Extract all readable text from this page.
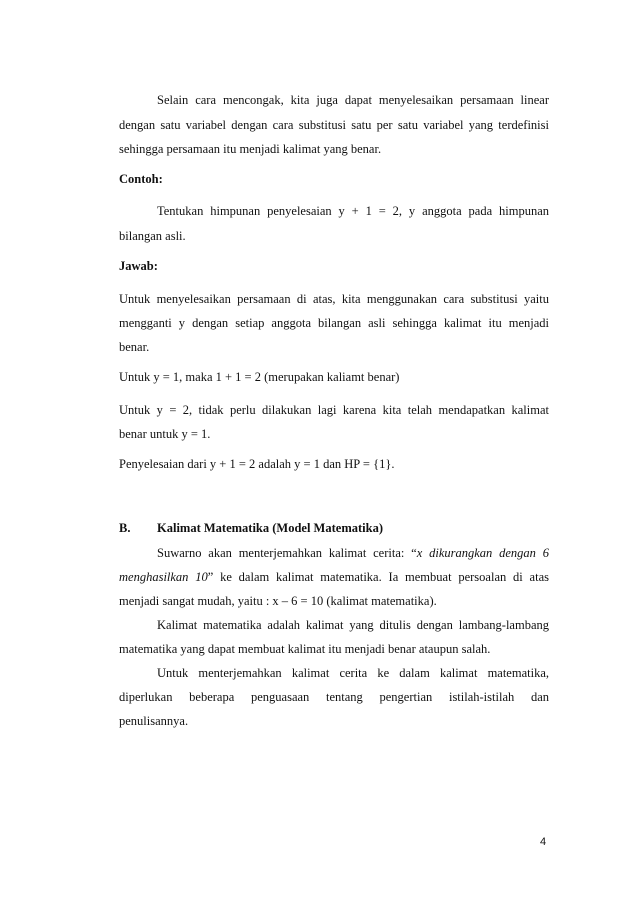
Selain cara mencongak, kita juga dapat menyelesaikan persamaan linear
dengan satu variabel dengan cara substitusi satu per satu variabel yang terdefinisi
sehingga persamaan itu menjadi kalimat yang benar.
Contoh:
Tentukan himpunan penyelesaian y + 1 = 2, y anggota pada himpunan
bilangan asli.
Jawab:
Untuk menyelesaikan persamaan di atas, kita menggunakan cara substitusi yaitu
mengganti y dengan setiap anggota bilangan asli sehingga kalimat itu menjadi
benar.
Untuk y = 1, maka 1 + 1 = 2 (merupakan kaliamt benar)
Untuk y = 2, tidak perlu dilakukan lagi karena kita telah mendapatkan kalimat
benar untuk y = 1.
Penyelesaian dari y + 1 = 2 adalah y = 1 dan HP = {1}.
B. Kalimat Matematika (Model Matematika)
Suwarno akan menterjemahkan kalimat cerita: “x dikurangkan dengan 6
menghasilkan 10” ke dalam kalimat matematika. Ia membuat persoalan di atas
menjadi sangat mudah, yaitu : x – 6 = 10 (kalimat matematika).
Kalimat matematika adalah kalimat yang ditulis dengan lambang-lambang
matematika yang dapat membuat kalimat itu menjadi benar ataupun salah.
Untuk menterjemahkan kalimat cerita ke dalam kalimat matematika,
diperlukan beberapa penguasaan tentang pengertian istilah-istilah dan
penulisannya.
4
